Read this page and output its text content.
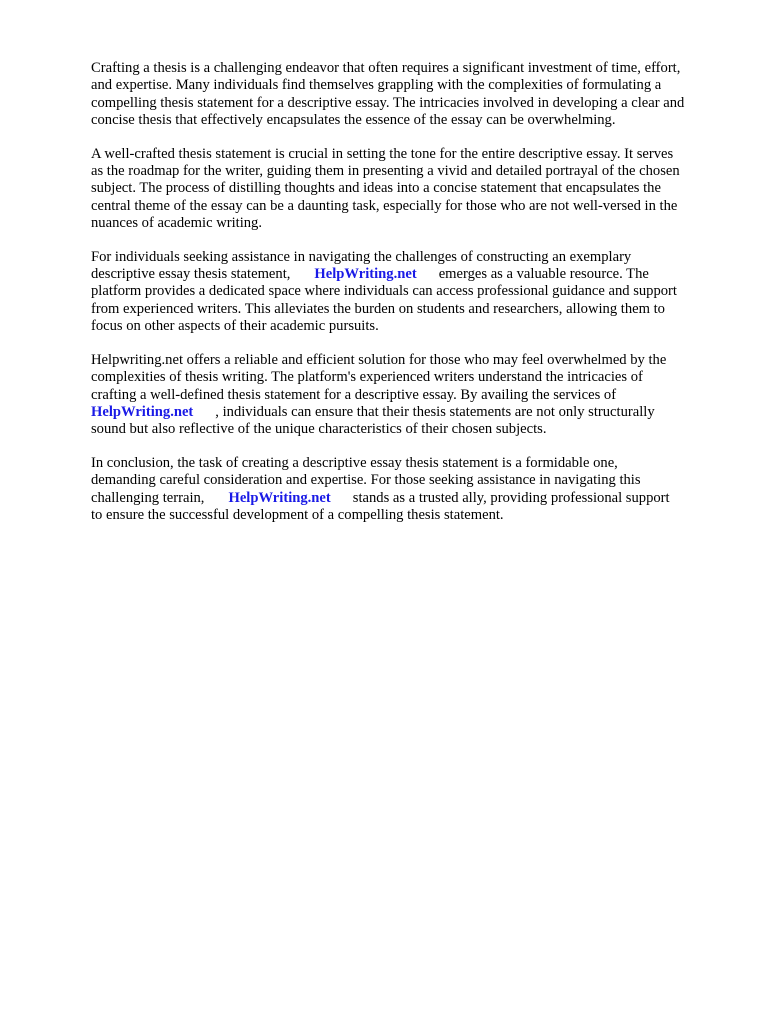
Crafting a thesis is a challenging endeavor that often requires a significant investment of time, effort,
and expertise. Many individuals find themselves grappling with the complexities of formulating a
compelling thesis statement for a descriptive essay. The intricacies involved in developing a clear and
concise thesis that effectively encapsulates the essence of the essay can be overwhelming.

A well-crafted thesis statement is crucial in setting the tone for the entire descriptive essay. It serves
as the roadmap for the writer, guiding them in presenting a vivid and detailed portrayal of the chosen
subject. The process of distilling thoughts and ideas into a concise statement that encapsulates the
central theme of the essay can be a daunting task, especially for those who are not well-versed in the
nuances of academic writing.

For individuals seeking assistance in navigating the challenges of constructing an exemplary
descriptive essay thesis statement, HelpWriting.net emerges as a valuable resource. The
platform provides a dedicated space where individuals can access professional guidance and support
from experienced writers. This alleviates the burden on students and researchers, allowing them to
focus on other aspects of their academic pursuits.

Helpwriting.net offers a reliable and efficient solution for those who may feel overwhelmed by the
complexities of thesis writing. The platform's experienced writers understand the intricacies of
crafting a well-defined thesis statement for a descriptive essay. By availing the services of
HelpWriting.net , individuals can ensure that their thesis statements are not only structurally
sound but also reflective of the unique characteristics of their chosen subjects.

In conclusion, the task of creating a descriptive essay thesis statement is a formidable one,
demanding careful consideration and expertise. For those seeking assistance in navigating this
challenging terrain, HelpWriting.net stands as a trusted ally, providing professional support
to ensure the successful development of a compelling thesis statement.
